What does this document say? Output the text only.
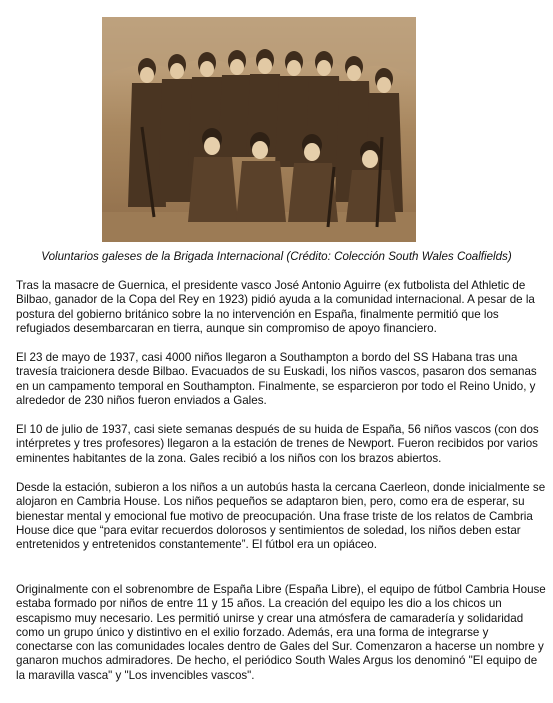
Voluntarios galeses de la Brigada Internacional (Crédito: Colección South Wales Coalfields)

Tras la masacre de Guernica, el presidente vasco José Antonio Aguirre (ex futbolista del Athletic de Bilbao, ganador de la Copa del Rey en 1923) pidió ayuda a la comunidad internacional. A pesar de la postura del gobierno británico sobre la no intervención en España, finalmente permitió que los refugiados desembarcaran en tierra, aunque sin compromiso de apoyo financiero.

El 23 de mayo de 1937, casi 4000 niños llegaron a Southampton a bordo del SS Habana tras una travesía traicionera desde Bilbao. Evacuados de su Euskadi, los niños vascos, pasaron dos semanas en un campamento temporal en Southampton. Finalmente, se esparcieron por todo el Reino Unido, y alrededor de 230 niños fueron enviados a Gales.

El 10 de julio de 1937, casi siete semanas después de su huida de España, 56 niños vascos (con dos intérpretes y tres profesores) llegaron a la estación de trenes de Newport. Fueron recibidos por varios eminentes habitantes de la zona. Gales recibió a los niños con los brazos abiertos.

Desde la estación, subieron a los niños a un autobús hasta la cercana Caerleon, donde inicialmente se alojaron en Cambria House. Los niños pequeños se adaptaron bien, pero, como era de esperar, su bienestar mental y emocional fue motivo de preocupación. Una frase triste de los relatos de Cambria House dice que “para evitar recuerdos dolorosos y sentimientos de soledad, los niños deben estar entretenidos y entretenidos constantemente”. El fútbol era un opiáceo.

Originalmente con el sobrenombre de España Libre (España Libre), el equipo de fútbol Cambria House estaba formado por niños de entre 11 y 15 años. La creación del equipo les dio a los chicos un escapismo muy necesario. Les permitió unirse y crear una atmósfera de camaradería y solidaridad como un grupo único y distintivo en el exilio forzado. Además, era una forma de integrarse y conectarse con las comunidades locales dentro de Gales del Sur. Comenzaron a hacerse un nombre y ganaron muchos admiradores. De hecho, el periódico South Wales Argus los denominó "El equipo de la maravilla vasca" y "Los invencibles vascos".
